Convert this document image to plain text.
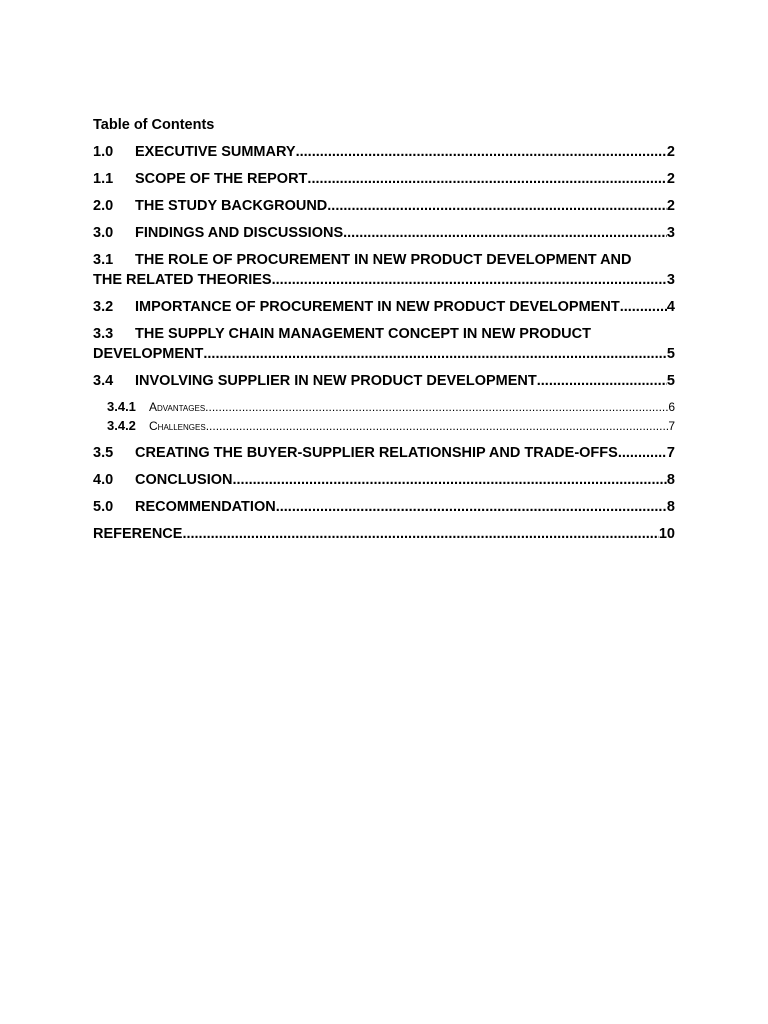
Table of Contents
1.0	EXECUTIVE SUMMARY .....	2
1.1	SCOPE OF THE REPORT .....	2
2.0	THE STUDY BACKGROUND .....	2
3.0	FINDINGS AND DISCUSSIONS .....	3
3.1	THE ROLE OF PROCUREMENT IN NEW PRODUCT DEVELOPMENT AND
THE RELATED THEORIES .....	3
3.2	IMPORTANCE OF PROCUREMENT IN NEW PRODUCT DEVELOPMENT .....	4
3.3	THE SUPPLY CHAIN MANAGEMENT CONCEPT IN NEW PRODUCT
DEVELOPMENT .....	5
3.4	INVOLVING SUPPLIER IN NEW PRODUCT DEVELOPMENT .....	5
3.4.1	Advantages .....	6
3.4.2	Challenges .....	7
3.5	CREATING THE BUYER-SUPPLIER RELATIONSHIP AND TRADE-OFFS .....	7
4.0	CONCLUSION .....	8
5.0	RECOMMENDATION .....	8
REFERENCE .....	10
